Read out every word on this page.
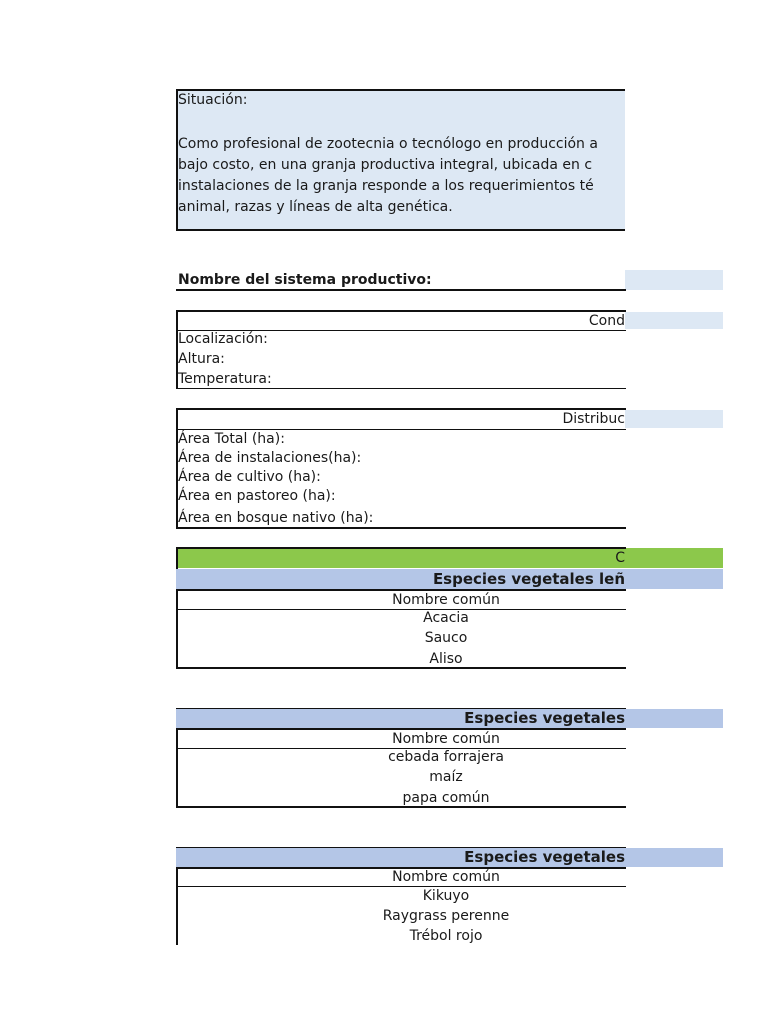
Situación:
Como profesional de zootecnia o tecnólogo en producción a
bajo costo, en una granja productiva integral, ubicada en c
instalaciones de la granja responde a los requerimientos té
animal, razas y líneas de alta genética.
Nombre del sistema productivo:
Cond
Localización:
Altura:
Temperatura:
Distribuc
Área Total (ha):
Área de instalaciones(ha):
Área de cultivo (ha):
Área en pastoreo (ha):
Área en bosque nativo (ha):
C
Especies vegetales leñ
Nombre común
Acacia
Sauco
Aliso
Especies vegetales
Nombre común
cebada forrajera
maíz
papa común
Especies vegetales
Nombre común
Kikuyo
Raygrass perenne
Trébol rojo
